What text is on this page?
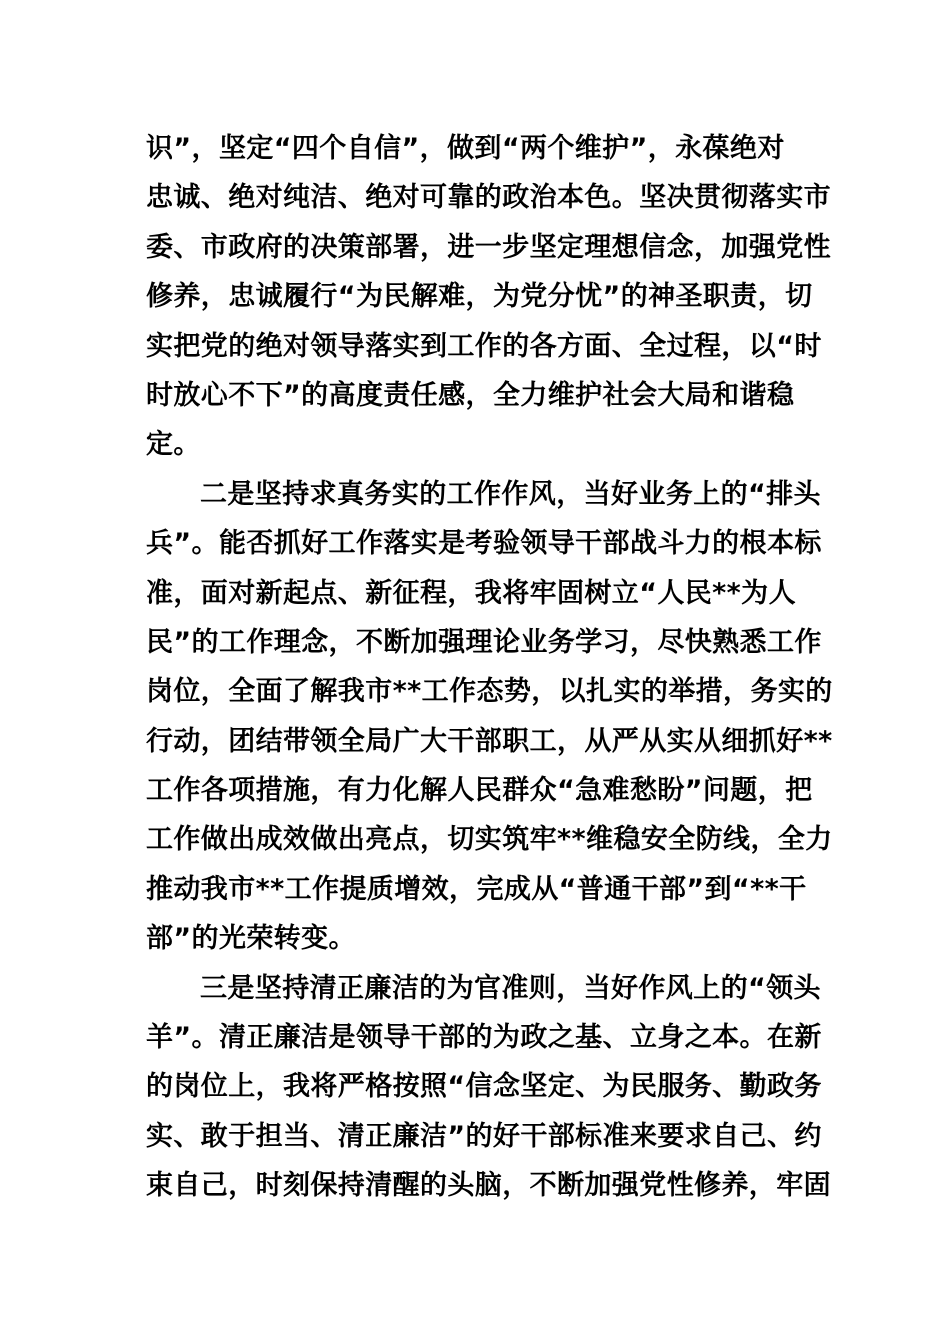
识”，坚定“四个自信”，做到“两个维护”，永葆绝对
忠诚、绝对纯洁、绝对可靠的政治本色。坚决贯彻落实市
委、市政府的决策部署，进一步坚定理想信念，加强党性
修养，忠诚履行“为民解难，为党分忧”的神圣职责，切
实把党的绝对领导落实到工作的各方面、全过程，以“时
时放心不下”的高度责任感，全力维护社会大局和谐稳
定。
二是坚持求真务实的工作作风，当好业务上的“排头
兵”。能否抓好工作落实是考验领导干部战斗力的根本标
准，面对新起点、新征程，我将牢固树立“人民**为人
民”的工作理念，不断加强理论业务学习，尽快熟悉工作
岗位，全面了解我市**工作态势，以扎实的举措，务实的
行动，团结带领全局广大干部职工，从严从实从细抓好**
工作各项措施，有力化解人民群众“急难愁盼”问题，把
工作做出成效做出亮点，切实筑牢**维稳安全防线，全力
推动我市**工作提质增效，完成从“普通干部”到“**干
部”的光荣转变。
三是坚持清正廉洁的为官准则，当好作风上的“领头
羊”。清正廉洁是领导干部的为政之基、立身之本。在新
的岗位上，我将严格按照“信念坚定、为民服务、勤政务
实、敢于担当、清正廉洁”的好干部标准来要求自己、约
束自己，时刻保持清醒的头脑，不断加强党性修养，牢固
